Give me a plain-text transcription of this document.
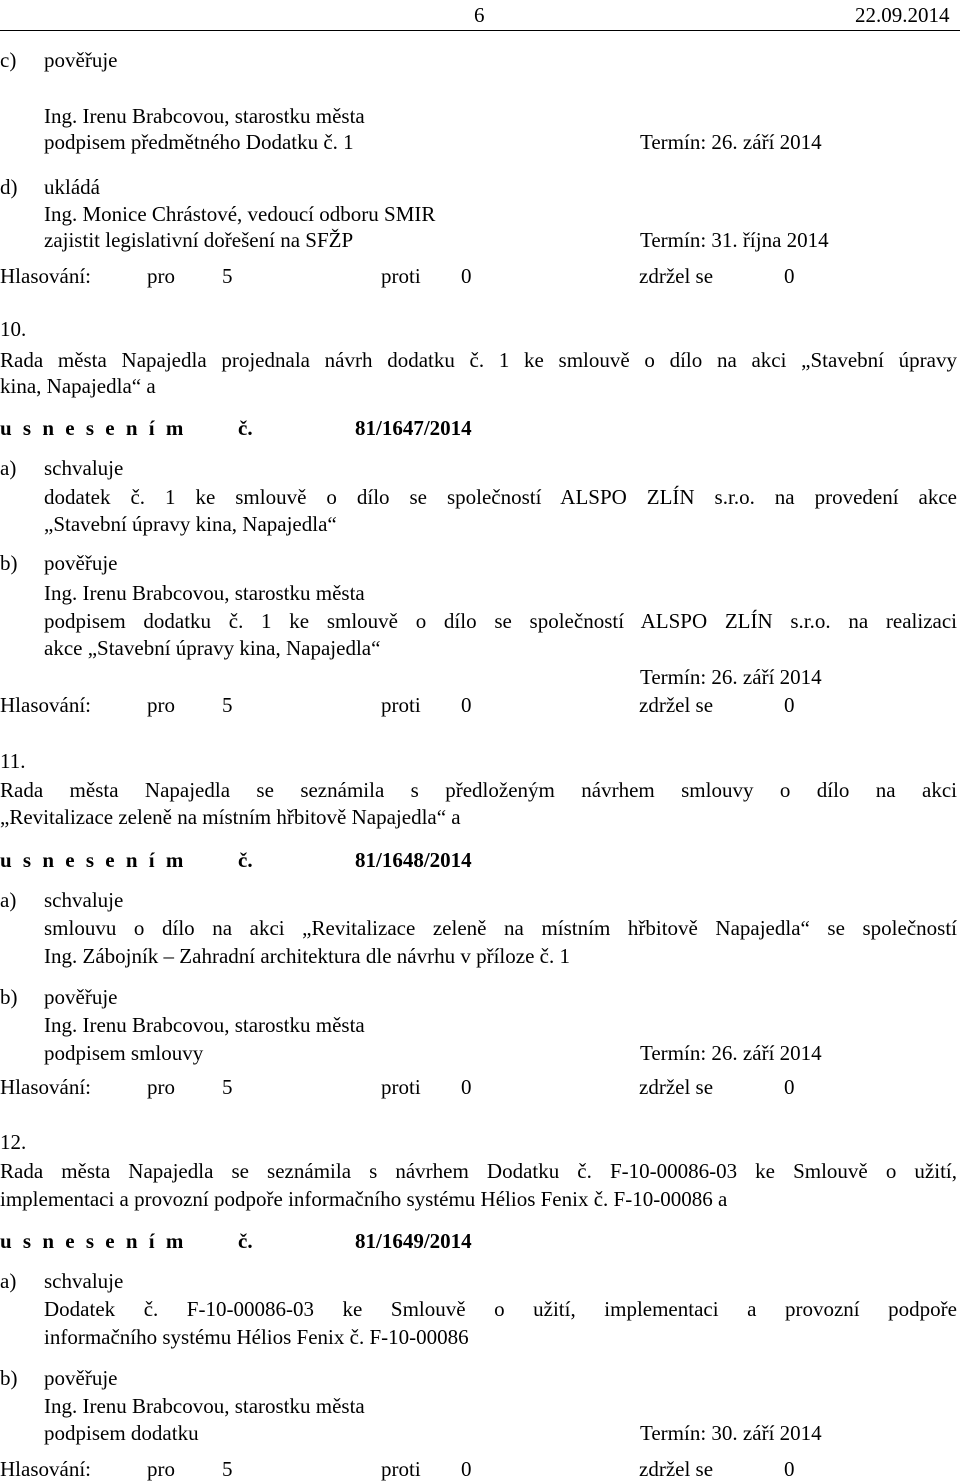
6	22.09.2014
c) pověřuje
Ing. Irenu Brabcovou, starostku města
podpisem předmětného Dodatku č. 1	Termín: 26. září 2014
d) ukládá
Ing. Monice Chrástové, vedoucí odboru SMIR
zajistit legislativní dořešení na SFŽP	Termín: 31. října 2014
Hlasování:	pro 5	proti 0	zdržel se	0
10.
Rada města Napajedla projednala návrh dodatku č. 1 ke smlouvě o dílo na akci „Stavební úpravy
kina, Napajedla“ a
u s n e s e n í m č.	81/1647/2014
a) schvaluje
dodatek č. 1 ke smlouvě o dílo se společností ALSPO ZLÍN s.r.o. na provedení akce
„Stavební úpravy kina, Napajedla“
b) pověřuje
Ing. Irenu Brabcovou, starostku města
podpisem dodatku č. 1 ke smlouvě o dílo se společností ALSPO ZLÍN s.r.o. na realizaci
akce „Stavební úpravy kina, Napajedla“
Termín: 26. září 2014
Hlasování:	pro 5	proti 0	zdržel se	0
11.
Rada města Napajedla se seznámila s předloženým návrhem smlouvy o dílo na akci
„Revitalizace zeleně na místním hřbitově Napajedla“ a
u s n e s e n í m č.	81/1648/2014
a) schvaluje
smlouvu o dílo na akci „Revitalizace zeleně na místním hřbitově Napajedla“ se společností
Ing. Zábojník – Zahradní architektura dle návrhu v příloze č. 1
b) pověřuje
Ing. Irenu Brabcovou, starostku města
podpisem smlouvy	Termín: 26. září 2014
Hlasování:	pro 5	proti 0	zdržel se	0
12.
Rada města Napajedla se seznámila s návrhem Dodatku č. F-10-00086-03 ke Smlouvě o užití,
implementaci a provozní podpoře informačního systému Hélios Fenix č. F-10-00086 a
u s n e s e n í m č.	81/1649/2014
a) schvaluje
Dodatek č. F-10-00086-03 ke Smlouvě o užití, implementaci a provozní podpoře
informačního systému Hélios Fenix č. F-10-00086
b) pověřuje
Ing. Irenu Brabcovou, starostku města
podpisem dodatku	Termín: 30. září 2014
Hlasování:	pro 5	proti 0	zdržel se	0
